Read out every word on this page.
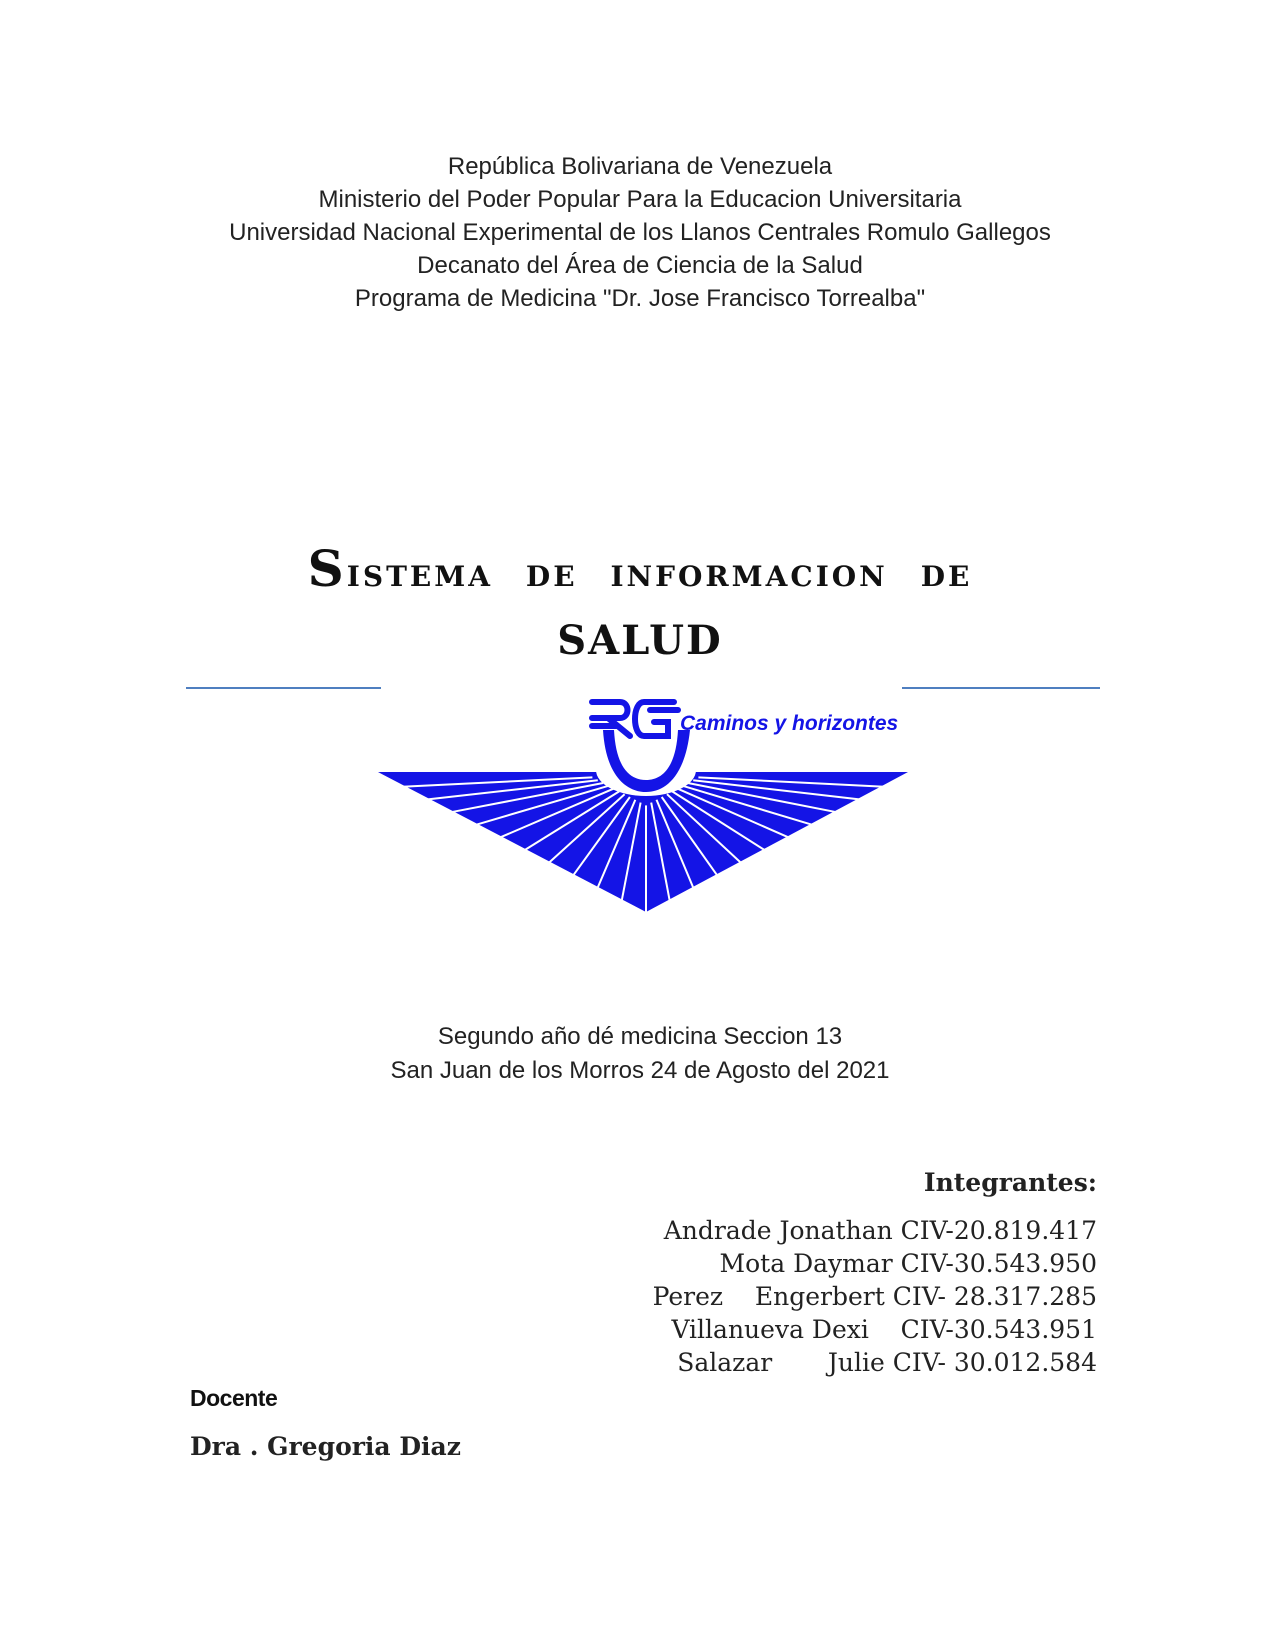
República Bolivariana de Venezuela
Ministerio del Poder Popular Para la Educacion Universitaria
Universidad Nacional Experimental de los Llanos Centrales Romulo Gallegos
Decanato del Área de Ciencia de la Salud
Programa de Medicina "Dr. Jose Francisco Torrealba"
Sistema de informacion de
SALUD
Caminos y horizontes
Segundo año dé medicina Seccion 13
San Juan de los Morros 24 de Agosto del 2021
Integrantes:
Andrade Jonathan CIV-20.819.417
Mota Daymar CIV-30.543.950
Perez    Engerbert CIV- 28.317.285
Villanueva Dexi    CIV-30.543.951
Salazar       Julie CIV- 30.012.584
Docente
Dra . Gregoria Diaz
